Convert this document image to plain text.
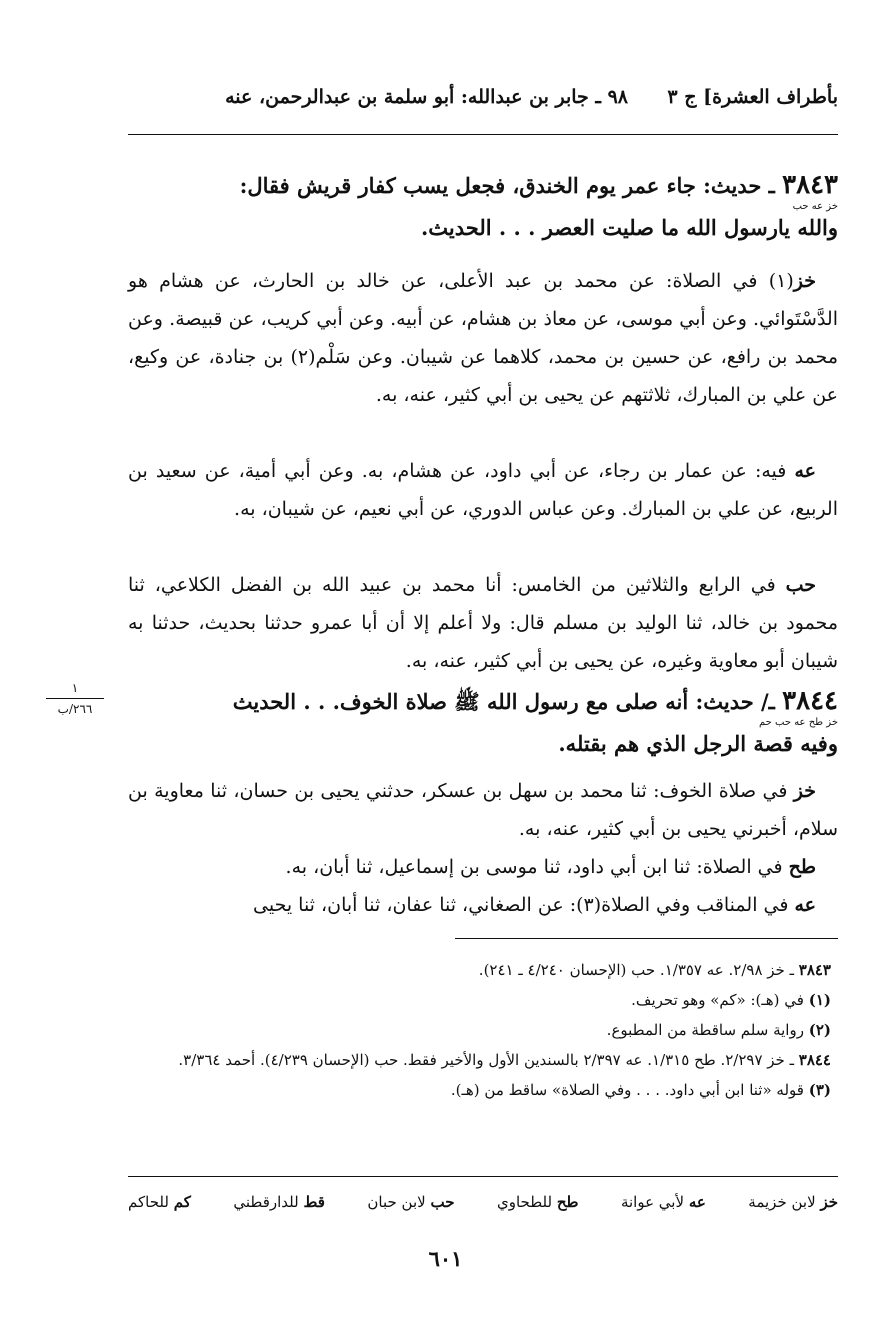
بأطراف العشرة] ج ٣
٩٨ ـ جابر بن عبدالله: أبو سلمة بن عبدالرحمن، عنه
٣٨٤٣ ـ حديث: جاء عمر يوم الخندق، فجعل يسب كفار قريش فقال:
خز عه حب
والله يارسول الله ما صليت العصر . . . الحديث.
خز(١) في الصلاة: عن محمد بن عبد الأعلى، عن خالد بن الحارث، عن هشام هو الدَّسْتَوائي. وعن أبي موسى، عن معاذ بن هشام، عن أبيه. وعن أبي كريب، عن قبيصة. وعن محمد بن رافع، عن حسين بن محمد، كلاهما عن شيبان. وعن سَلْم(٢) بن جنادة، عن وكيع، عن علي بن المبارك، ثلاثتهم عن يحيى بن أبي كثير، عنه، به.
عه فيه: عن عمار بن رجاء، عن أبي داود، عن هشام، به. وعن أبي أمية، عن سعيد بن الربيع، عن علي بن المبارك. وعن عباس الدوري، عن أبي نعيم، عن شيبان، به.
حب في الرابع والثلاثين من الخامس: أنا محمد بن عبيد الله بن الفضل الكلاعي، ثنا محمود بن خالد، ثنا الوليد بن مسلم قال: ولا أعلم إلا أن أبا عمرو حدثنا بحديث، حدثنا به شيبان أبو معاوية وغيره، عن يحيى بن أبي كثير، عنه، به.
١
٢٦٦/ب	٣٨٤٤ ـ/ حديث: أنه صلى مع رسول الله ﷺ صلاة الخوف. . . الحديث
خز طح عه حب حم
وفيه قصة الرجل الذي هم بقتله.
خز في صلاة الخوف: ثنا محمد بن سهل بن عسكر، حدثني يحيى بن حسان، ثنا معاوية بن سلام، أخبرني يحيى بن أبي كثير، عنه، به.
طح في الصلاة: ثنا ابن أبي داود، ثنا موسى بن إسماعيل، ثنا أبان، به.
عه في المناقب وفي الصلاة(٣): عن الصغاني، ثنا عفان، ثنا أبان، ثنا يحيى
٣٨٤٣ ـ خز ٢/٩٨. عه ١/٣٥٧. حب (الإحسان ٤/٢٤٠ ـ ٢٤١).
(١) في (هـ): «كم» وهو تحريف.
(٢) رواية سلم ساقطة من المطبوع.
٣٨٤٤ ـ خز ٢/٢٩٧. طح ١/٣١٥. عه ٢/٣٩٧ بالسندين الأول والأخير فقط. حب (الإحسان ٤/٢٣٩). أحمد ٣/٣٦٤.
(٣) قوله «ثنا ابن أبي داود. . . . وفي الصلاة» ساقط من (هـ).
خز لابن خزيمة
عه لأبي عوانة
طح للطحاوي
حب لابن حبان
قط للدارقطني
كم للحاكم
٦٠١
